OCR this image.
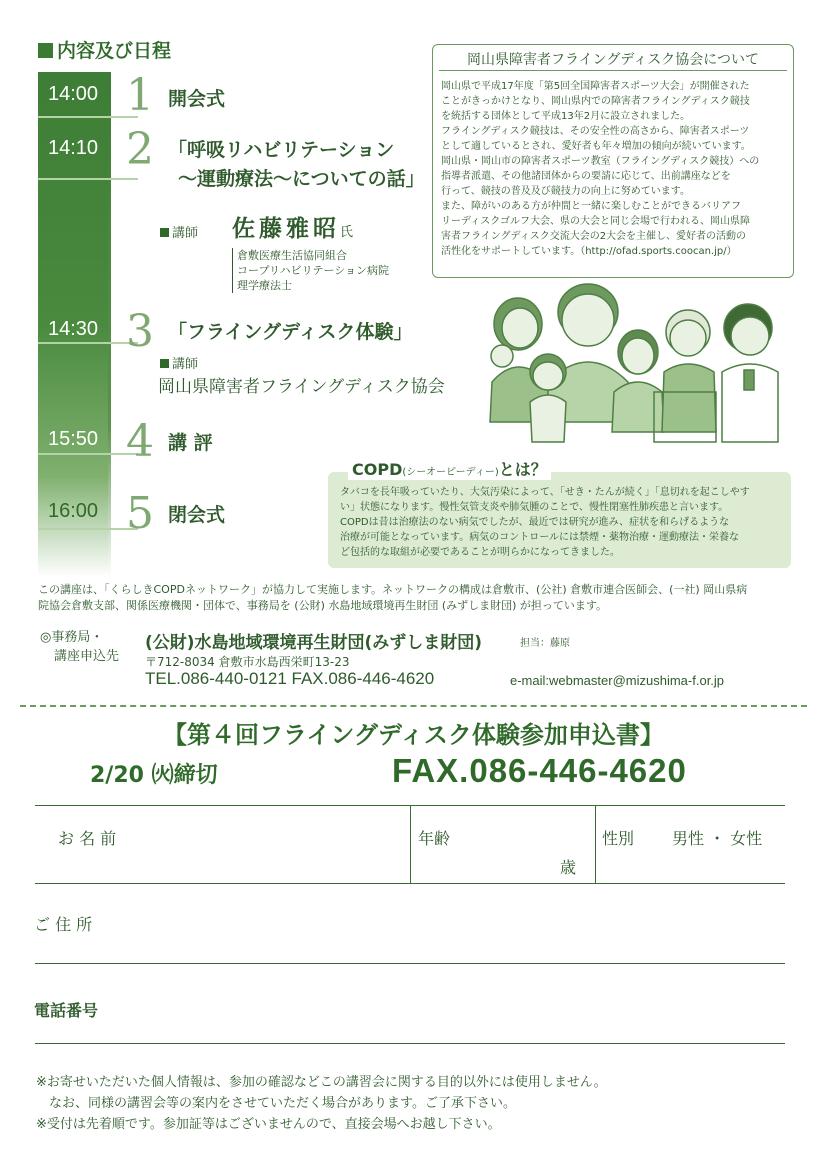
内容及び日程
14:00 1 開会式
14:10 2 「呼吸リハビリテーション
〜運動療法〜についての話」
講師 佐藤雅昭氏
倉敷医療生活協同組合
コープリハビリテーション病院
理学療法士
14:30 3 「フライングディスク体験」
講師
岡山県障害者フライングディスク協会
15:50 4 講 評
16:00 5 閉会式
岡山県障害者フライングディスク協会について
岡山県で平成17年度「第5回全国障害者スポーツ大会」が開催された
ことがきっかけとなり、岡山県内での障害者フライングディスク競技
を統括する団体として平成13年2月に設立されました。
フライングディスク競技は、その安全性の高さから、障害者スポーツ
として適しているとされ、愛好者も年々増加の傾向が続いています。
岡山県・岡山市の障害者スポーツ教室（フライングディスク競技）への
指導者派遣、その他諸団体からの要請に応じて、出前講座などを
行って、競技の普及及び競技力の向上に努めています。
また、障がいのある方が仲間と一緒に楽しむことができるバリアフ
リーディスクゴルフ大会、県の大会と同じ会場で行われる、岡山県障
害者フライングディスク交流大会の2大会を主催し、愛好者の活動の
活性化をサポートしています。（http://ofad.sports.coocan.jp/）
COPD(シーオーピーディー)とは？
タバコを長年吸っていたり、大気汚染によって、「せき・たんが続く」「息切れを起こしやす
い」状態になります。慢性気管支炎や肺気腫のことで、慢性閉塞性肺疾患と言います。
COPDは昔は治療法のない病気でしたが、最近では研究が進み、症状を和らげるような
治療が可能となっています。病気のコントロールには禁煙・薬物治療・運動療法・栄養な
ど包括的な取組が必要であることが明らかになってきました。
この講座は、「くらしきCOPDネットワーク」が協力して実施します。ネットワークの構成は倉敷市、(公社) 倉敷市連合医師会、(一社) 岡山県病
院協会倉敷支部、関係医療機関・団体で、事務局を (公財) 水島地域環境再生財団 (みずしま財団) が担っています。
◎事務局・
講座申込先
(公財)水島地域環境再生財団(みずしま財団)	担当：藤原
〒712-8034 倉敷市水島西栄町13-23
TEL.086-440-0121 FAX.086-446-4620	e-mail:webmaster@mizushima-f.or.jp
【第４回フライングディスク体験参加申込書】
2/20 ㈫締切	FAX.086-446-4620
お 名 前	年齢
歳
性別 男性 ・ 女性
ご 住 所
電話番号
※お寄せいただいた個人情報は、参加の確認などこの講習会に関する目的以外には使用しません。
　なお、同様の講習会等の案内をさせていただく場合があります。ご了承下さい。
※受付は先着順です。参加証等はございませんので、直接会場へお越し下さい。
